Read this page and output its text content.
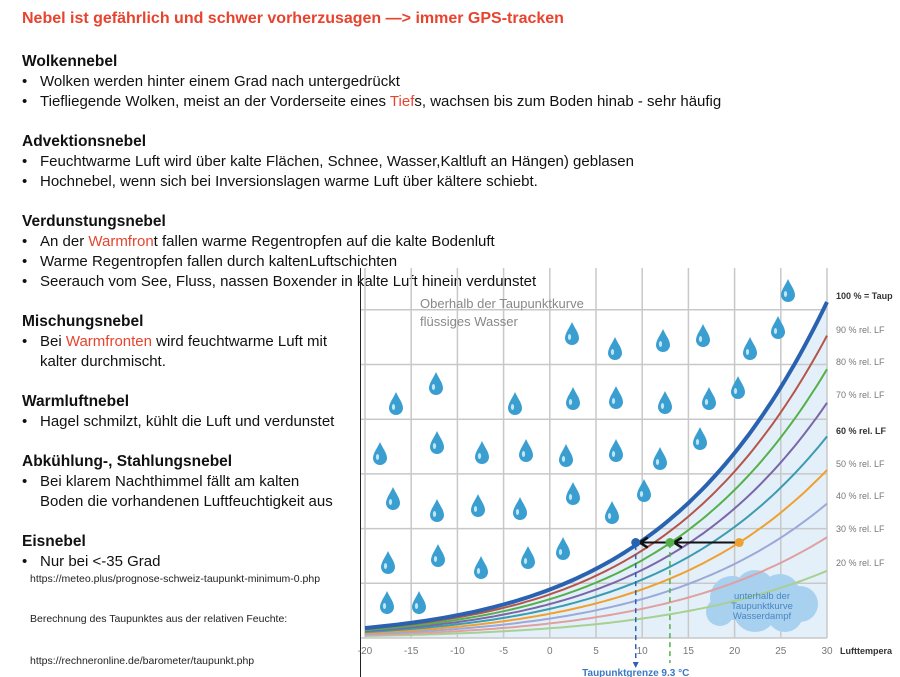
Nebel ist gefährlich und schwer vorherzusagen —> immer GPS-tracken
Wolkennebel
• Wolken werden hinter einem Grad nach untergedrückt
• Tiefliegende Wolken, meist an der Vorderseite eines Tiefs, wachsen bis zum Boden hinab - sehr häufig
Advektionsnebel
• Feuchtwarme Luft wird über kalte Flächen, Schnee, Wasser,Kaltluft an Hängen) geblasen
• Hochnebel, wenn sich bei Inversionslagen warme Luft über kältere schiebt.
Verdunstungsnebel
• An der Warmfront fallen warme Regentropfen auf die kalte Bodenluft
• Warme Regentropfen fallen durch kaltenLuftschichten
• Seerauch vom See, Fluss, nassen Boxender in kalte Luft hinein verdunstet
Mischungsnebel
• Bei Warmfronten wird feuchtwarme Luft mit
kalter durchmischt.
Warmluftnebel
• Hagel schmilzt, kühlt die Luft und verdunstet
Abkühlung-, Stahlungsnebel
• Bei klarem Nachthimmel fällt am kalten
Boden die vorhandenen Luftfeuchtigkeit aus
Eisnebel
• Nur bei <-35 Grad
https://meteo.plus/prognose-schweiz-taupunkt-minimum-0.php
Berechnung des Taupunktes aus der relativen Feuchte:
https://rechneronline.de/barometer/taupunkt.php
Oberhalb der Taupunktkurve
flüssiges Wasser
unterhalb der
Taupunktkurve
Wasserdampf
100 % = Taup
90 % rel. LF
80 % rel. LF
70 % rel. LF
60 % rel. LF
50 % rel. LF
40 % rel. LF
30 % rel. LF
20 % rel. LF
-20	-15	-10	-5	0	5	10	15	20	25	30 Lufttempera
Taupunktgrenze 9.3 °C
